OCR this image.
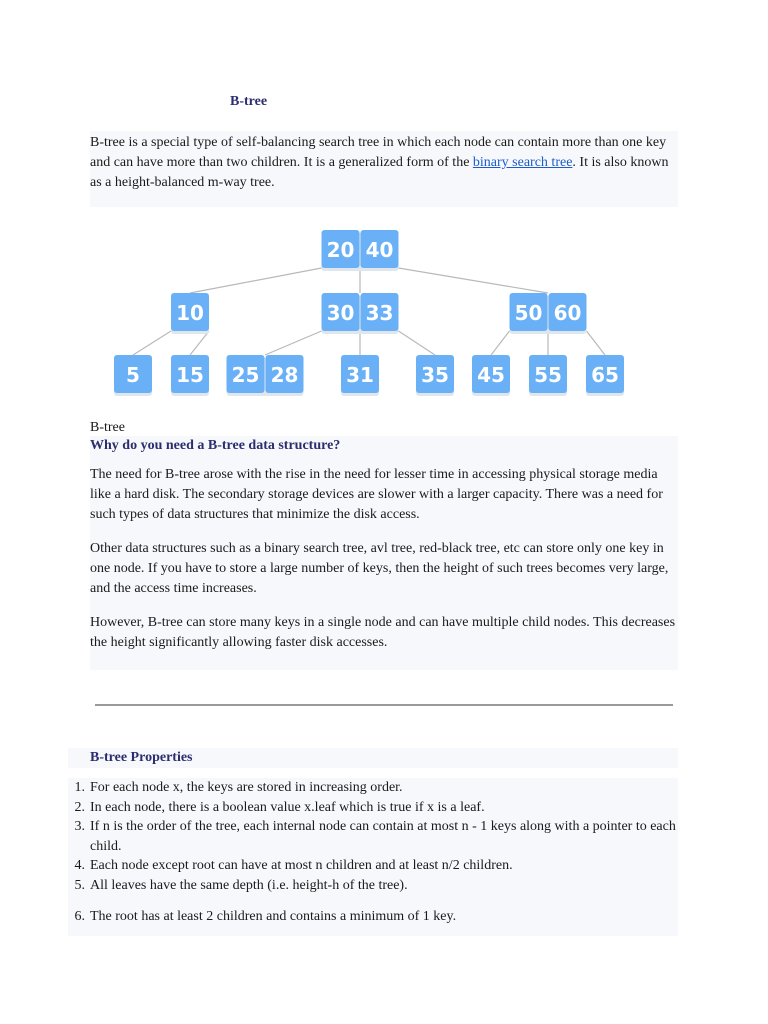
B-tree

B-tree is a special type of self-balancing search tree in which each node can contain more than one key and can have more than two children. It is a generalized form of the binary search tree. It is also known as a height-balanced m-way tree.

20 40
10	30 33	50 60
5 15 25 28 31 35 45 55 65
B-tree
Why do you need a B-tree data structure?

The need for B-tree arose with the rise in the need for lesser time in accessing physical storage media like a hard disk. The secondary storage devices are slower with a larger capacity. There was a need for such types of data structures that minimize the disk access.

Other data structures such as a binary search tree, avl tree, red-black tree, etc can store only one key in one node. If you have to store a large number of keys, then the height of such trees becomes very large, and the access time increases.

However, B-tree can store many keys in a single node and can have multiple child nodes. This decreases the height significantly allowing faster disk accesses.

B-tree Properties
1. For each node x, the keys are stored in increasing order.
2. In each node, there is a boolean value x.leaf which is true if x is a leaf.
3. If n is the order of the tree, each internal node can contain at most n - 1 keys along with a pointer to each child.
4. Each node except root can have at most n children and at least n/2 children.
5. All leaves have the same depth (i.e. height-h of the tree).
6. The root has at least 2 children and contains a minimum of 1 key.
